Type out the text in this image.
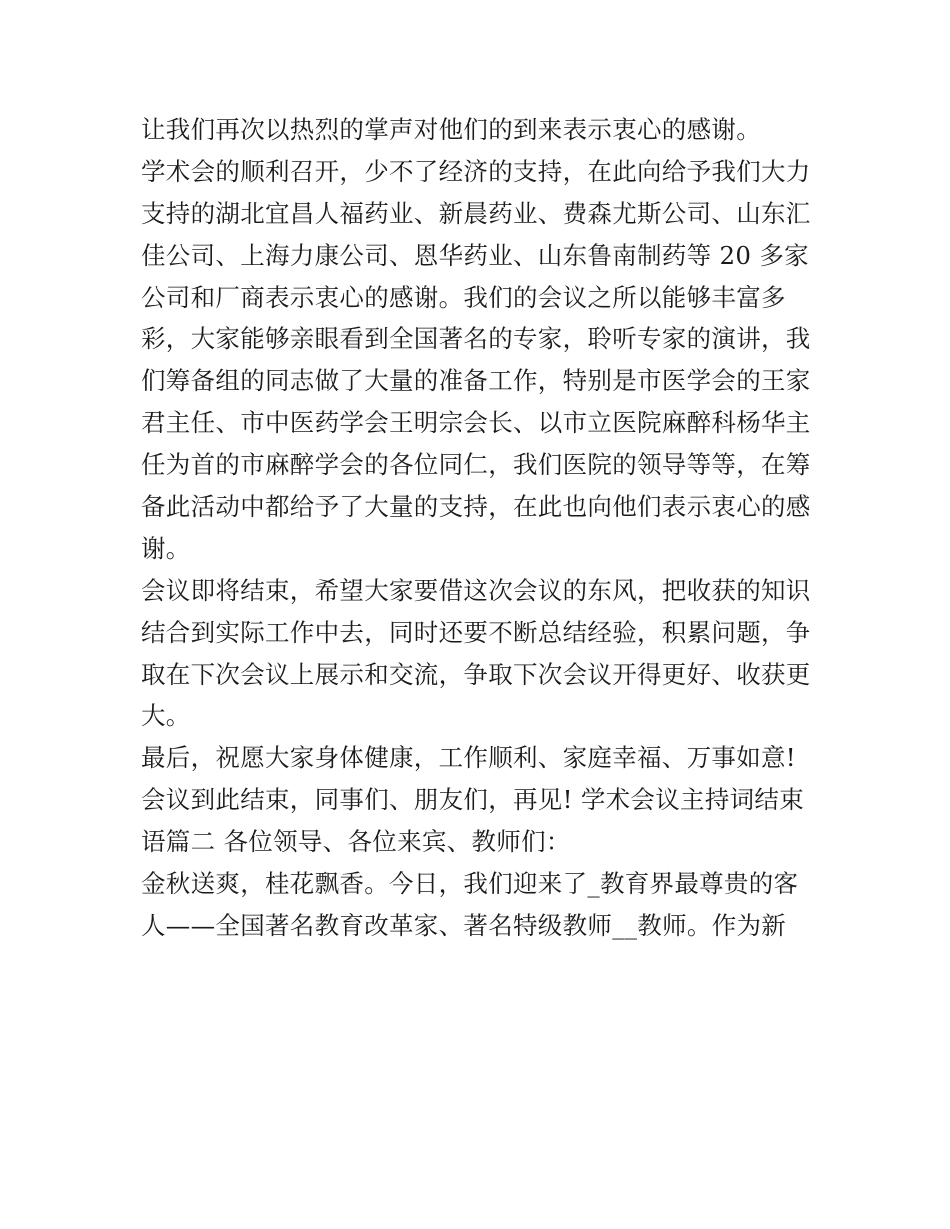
让我们再次以热烈的掌声对他们的到来表示衷心的感谢。
学术会的顺利召开，少不了经济的支持，在此向给予我们大力
支持的湖北宜昌人福药业、新晨药业、费森尤斯公司、山东汇
佳公司、上海力康公司、恩华药业、山东鲁南制药等 20 多家
公司和厂商表示衷心的感谢。我们的会议之所以能够丰富多
彩，大家能够亲眼看到全国著名的专家，聆听专家的演讲，我
们筹备组的同志做了大量的准备工作，特别是市医学会的王家
君主任、市中医药学会王明宗会长、以市立医院麻醉科杨华主
任为首的市麻醉学会的各位同仁，我们医院的领导等等，在筹
备此活动中都给予了大量的支持，在此也向他们表示衷心的感
谢。
会议即将结束，希望大家要借这次会议的东风，把收获的知识
结合到实际工作中去，同时还要不断总结经验，积累问题，争
取在下次会议上展示和交流，争取下次会议开得更好、收获更
大。
最后，祝愿大家身体健康，工作顺利、家庭幸福、万事如意!
会议到此结束，同事们、朋友们，再见! 学术会议主持词结束
语篇二 各位领导、各位来宾、教师们：
金秋送爽，桂花飘香。今日，我们迎来了_教育界最尊贵的客
人——全国著名教育改革家、著名特级教师__教师。作为新
